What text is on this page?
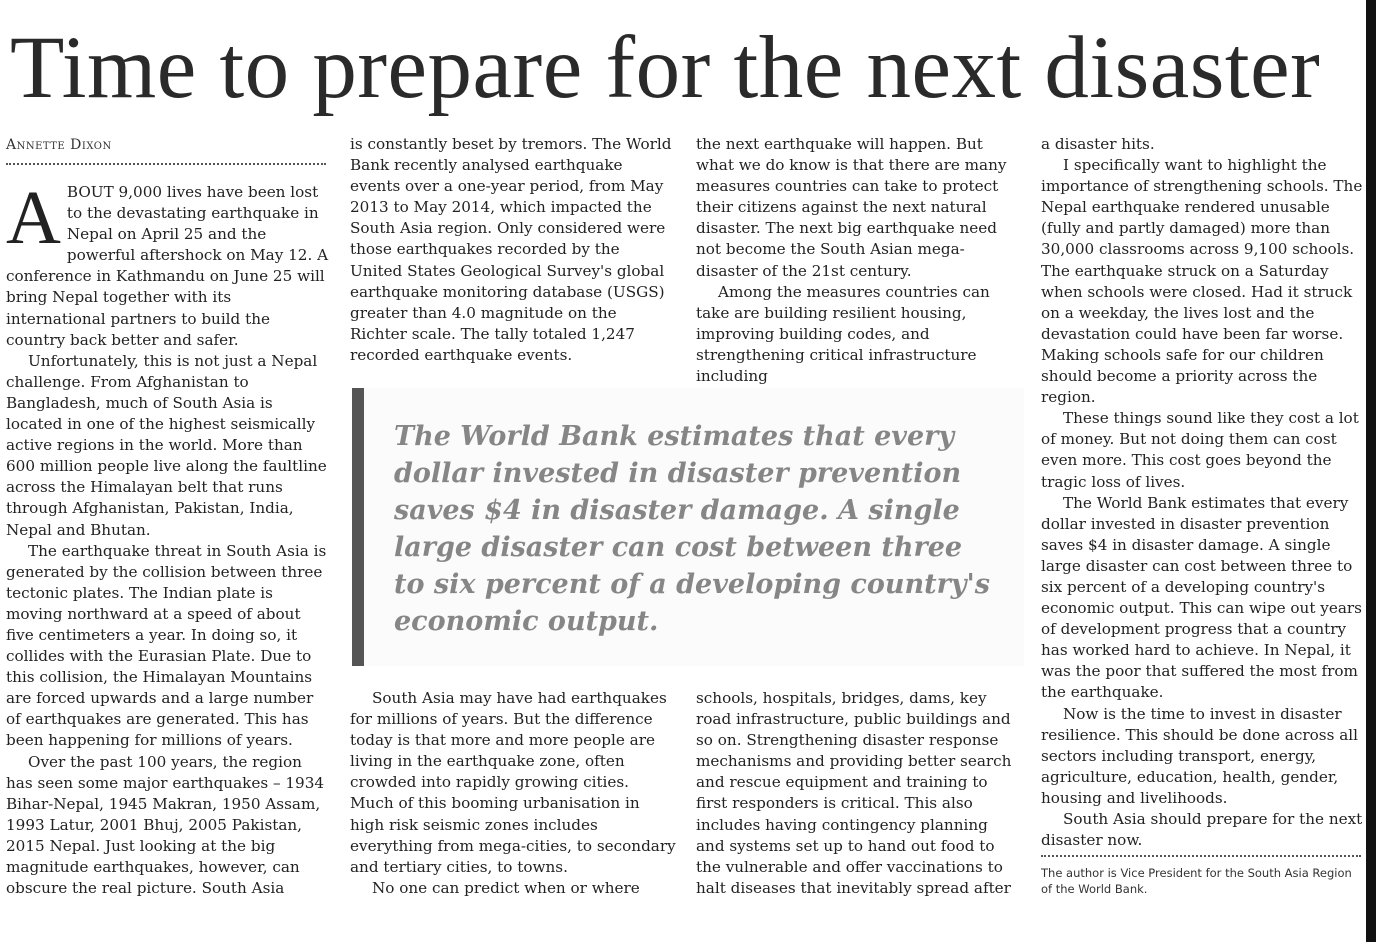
Time to prepare for the next disaster
Annette Dixon

ABOUT 9,000 lives have been lost to the devastating earthquake in Nepal on April 25 and the powerful aftershock on May 12. A conference in Kathmandu on June 25 will bring Nepal together with its international partners to build the country back better and safer.

Unfortunately, this is not just a Nepal challenge. From Afghanistan to Bangladesh, much of South Asia is located in one of the highest seismically active regions in the world. More than 600 million people live along the faultline across the Himalayan belt that runs through Afghanistan, Pakistan, India, Nepal and Bhutan.

The earthquake threat in South Asia is generated by the collision between three tectonic plates. The Indian plate is moving northward at a speed of about five centimeters a year. In doing so, it collides with the Eurasian Plate. Due to this collision, the Himalayan Mountains are forced upwards and a large number of earthquakes are generated. This has been happening for millions of years.

Over the past 100 years, the region has seen some major earthquakes – 1934 Bihar-Nepal, 1945 Makran, 1950 Assam, 1993 Latur, 2001 Bhuj, 2005 Pakistan, 2015 Nepal. Just looking at the big magnitude earthquakes, however, can obscure the real picture. South Asia

is constantly beset by tremors. The World Bank recently analysed earthquake events over a one-year period, from May 2013 to May 2014, which impacted the South Asia region. Only considered were those earthquakes recorded by the United States Geological Survey's global earthquake monitoring database (USGS) greater than 4.0 magnitude on the Richter scale. The tally totaled 1,247 recorded earthquake events.

the next earthquake will happen. But what we do know is that there are many measures countries can take to protect their citizens against the next natural disaster. The next big earthquake need not become the South Asian mega-disaster of the 21st century.

Among the measures countries can take are building resilient housing, improving building codes, and strengthening critical infrastructure including

The World Bank estimates that every dollar invested in disaster prevention saves $4 in disaster damage. A single large disaster can cost between three to six percent of a developing country's economic output.

South Asia may have had earthquakes for millions of years. But the difference today is that more and more people are living in the earthquake zone, often crowded into rapidly growing cities. Much of this booming urbanisation in high risk seismic zones includes everything from mega-cities, to secondary and tertiary cities, to towns.

No one can predict when or where

schools, hospitals, bridges, dams, key road infrastructure, public buildings and so on. Strengthening disaster response mechanisms and providing better search and rescue equipment and training to first responders is critical. This also includes having contingency planning and systems set up to hand out food to the vulnerable and offer vaccinations to halt diseases that inevitably spread after

a disaster hits.

I specifically want to highlight the importance of strengthening schools. The Nepal earthquake rendered unusable (fully and partly damaged) more than 30,000 classrooms across 9,100 schools. The earthquake struck on a Saturday when schools were closed. Had it struck on a weekday, the lives lost and the devastation could have been far worse. Making schools safe for our children should become a priority across the region.

These things sound like they cost a lot of money. But not doing them can cost even more. This cost goes beyond the tragic loss of lives.

The World Bank estimates that every dollar invested in disaster prevention saves $4 in disaster damage. A single large disaster can cost between three to six percent of a developing country's economic output. This can wipe out years of development progress that a country has worked hard to achieve. In Nepal, it was the poor that suffered the most from the earthquake.

Now is the time to invest in disaster resilience. This should be done across all sectors including transport, energy, agriculture, education, health, gender, housing and livelihoods.

South Asia should prepare for the next disaster now.

The author is Vice President for the South Asia Region of the World Bank.
